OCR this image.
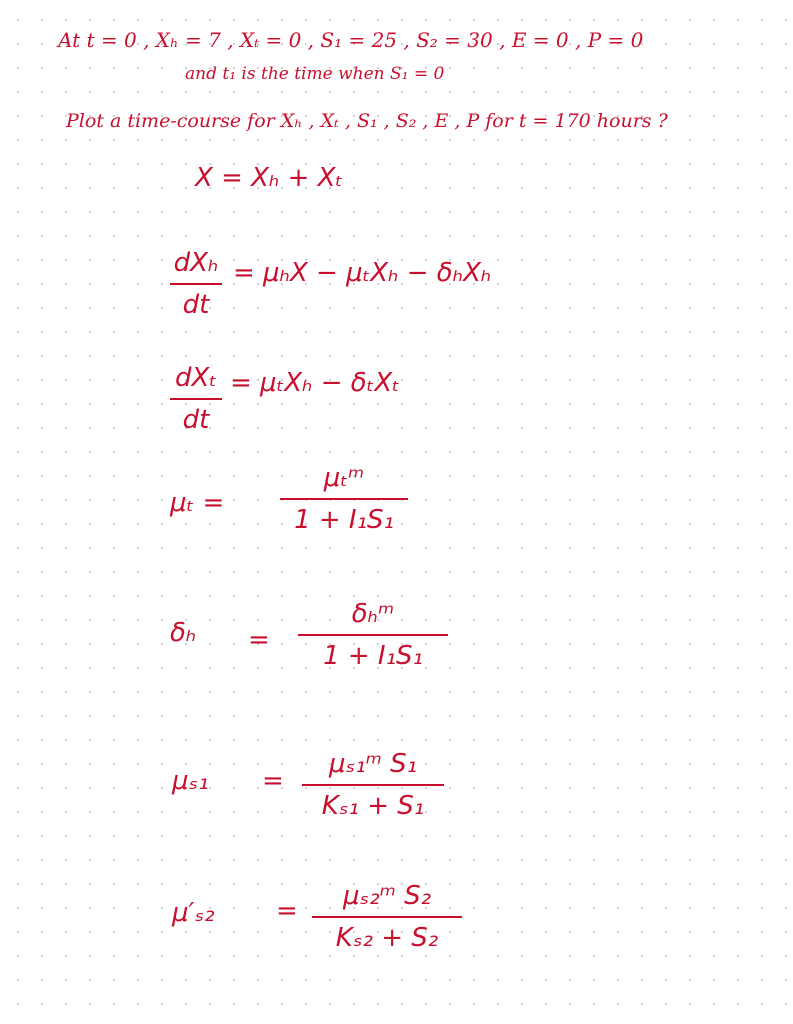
At t = 0 , Xₕ = 7 , Xₜ = 0 , S₁ = 25 , S₂ = 30 , E = 0 , P = 0
and t₁ is the time when S₁ = 0
Plot a time-course for Xₕ , Xₜ , S₁ , S₂ , E , P for t = 170 hours ?
X = Xₕ + Xₜ
dXₕ
dt
= μₕX − μₜXₕ − δₕXₕ
dXₜ
dt
= μₜXₕ − δₜXₜ
μₜ =
μₜᵐ
1 + I₁S₁
δₕ =
δₕᵐ
1 + I₁S₁
μₛ₁ =
μₛ₁ᵐ S₁
Kₛ₁ + S₁
μ′ₛ₂ =	μₛ₂ᵐ S₂
Kₛ₂ + S₂
